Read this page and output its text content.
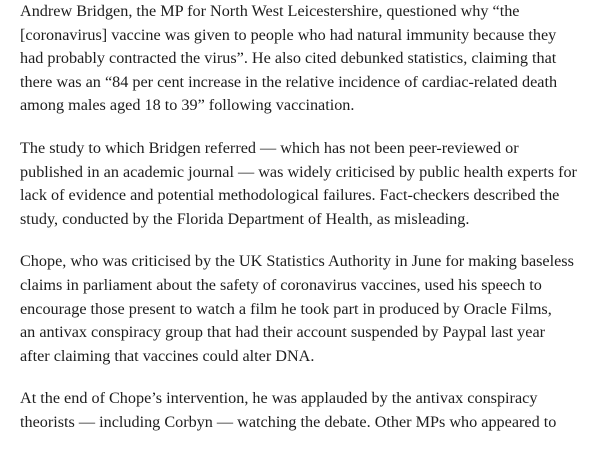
Andrew Bridgen, the MP for North West Leicestershire, questioned why “the
[coronavirus] vaccine was given to people who had natural immunity because they
had probably contracted the virus”. He also cited debunked statistics, claiming that
there was an “84 per cent increase in the relative incidence of cardiac-related death
among males aged 18 to 39” following vaccination.

The study to which Bridgen referred — which has not been peer-reviewed or
published in an academic journal — was widely criticised by public health experts for
lack of evidence and potential methodological failures. Fact-checkers described the
study, conducted by the Florida Department of Health, as misleading.

Chope, who was criticised by the UK Statistics Authority in June for making baseless
claims in parliament about the safety of coronavirus vaccines, used his speech to
encourage those present to watch a film he took part in produced by Oracle Films,
an antivax conspiracy group that had their account suspended by Paypal last year
after claiming that vaccines could alter DNA.

At the end of Chope’s intervention, he was applauded by the antivax conspiracy
theorists — including Corbyn — watching the debate. Other MPs who appeared to
